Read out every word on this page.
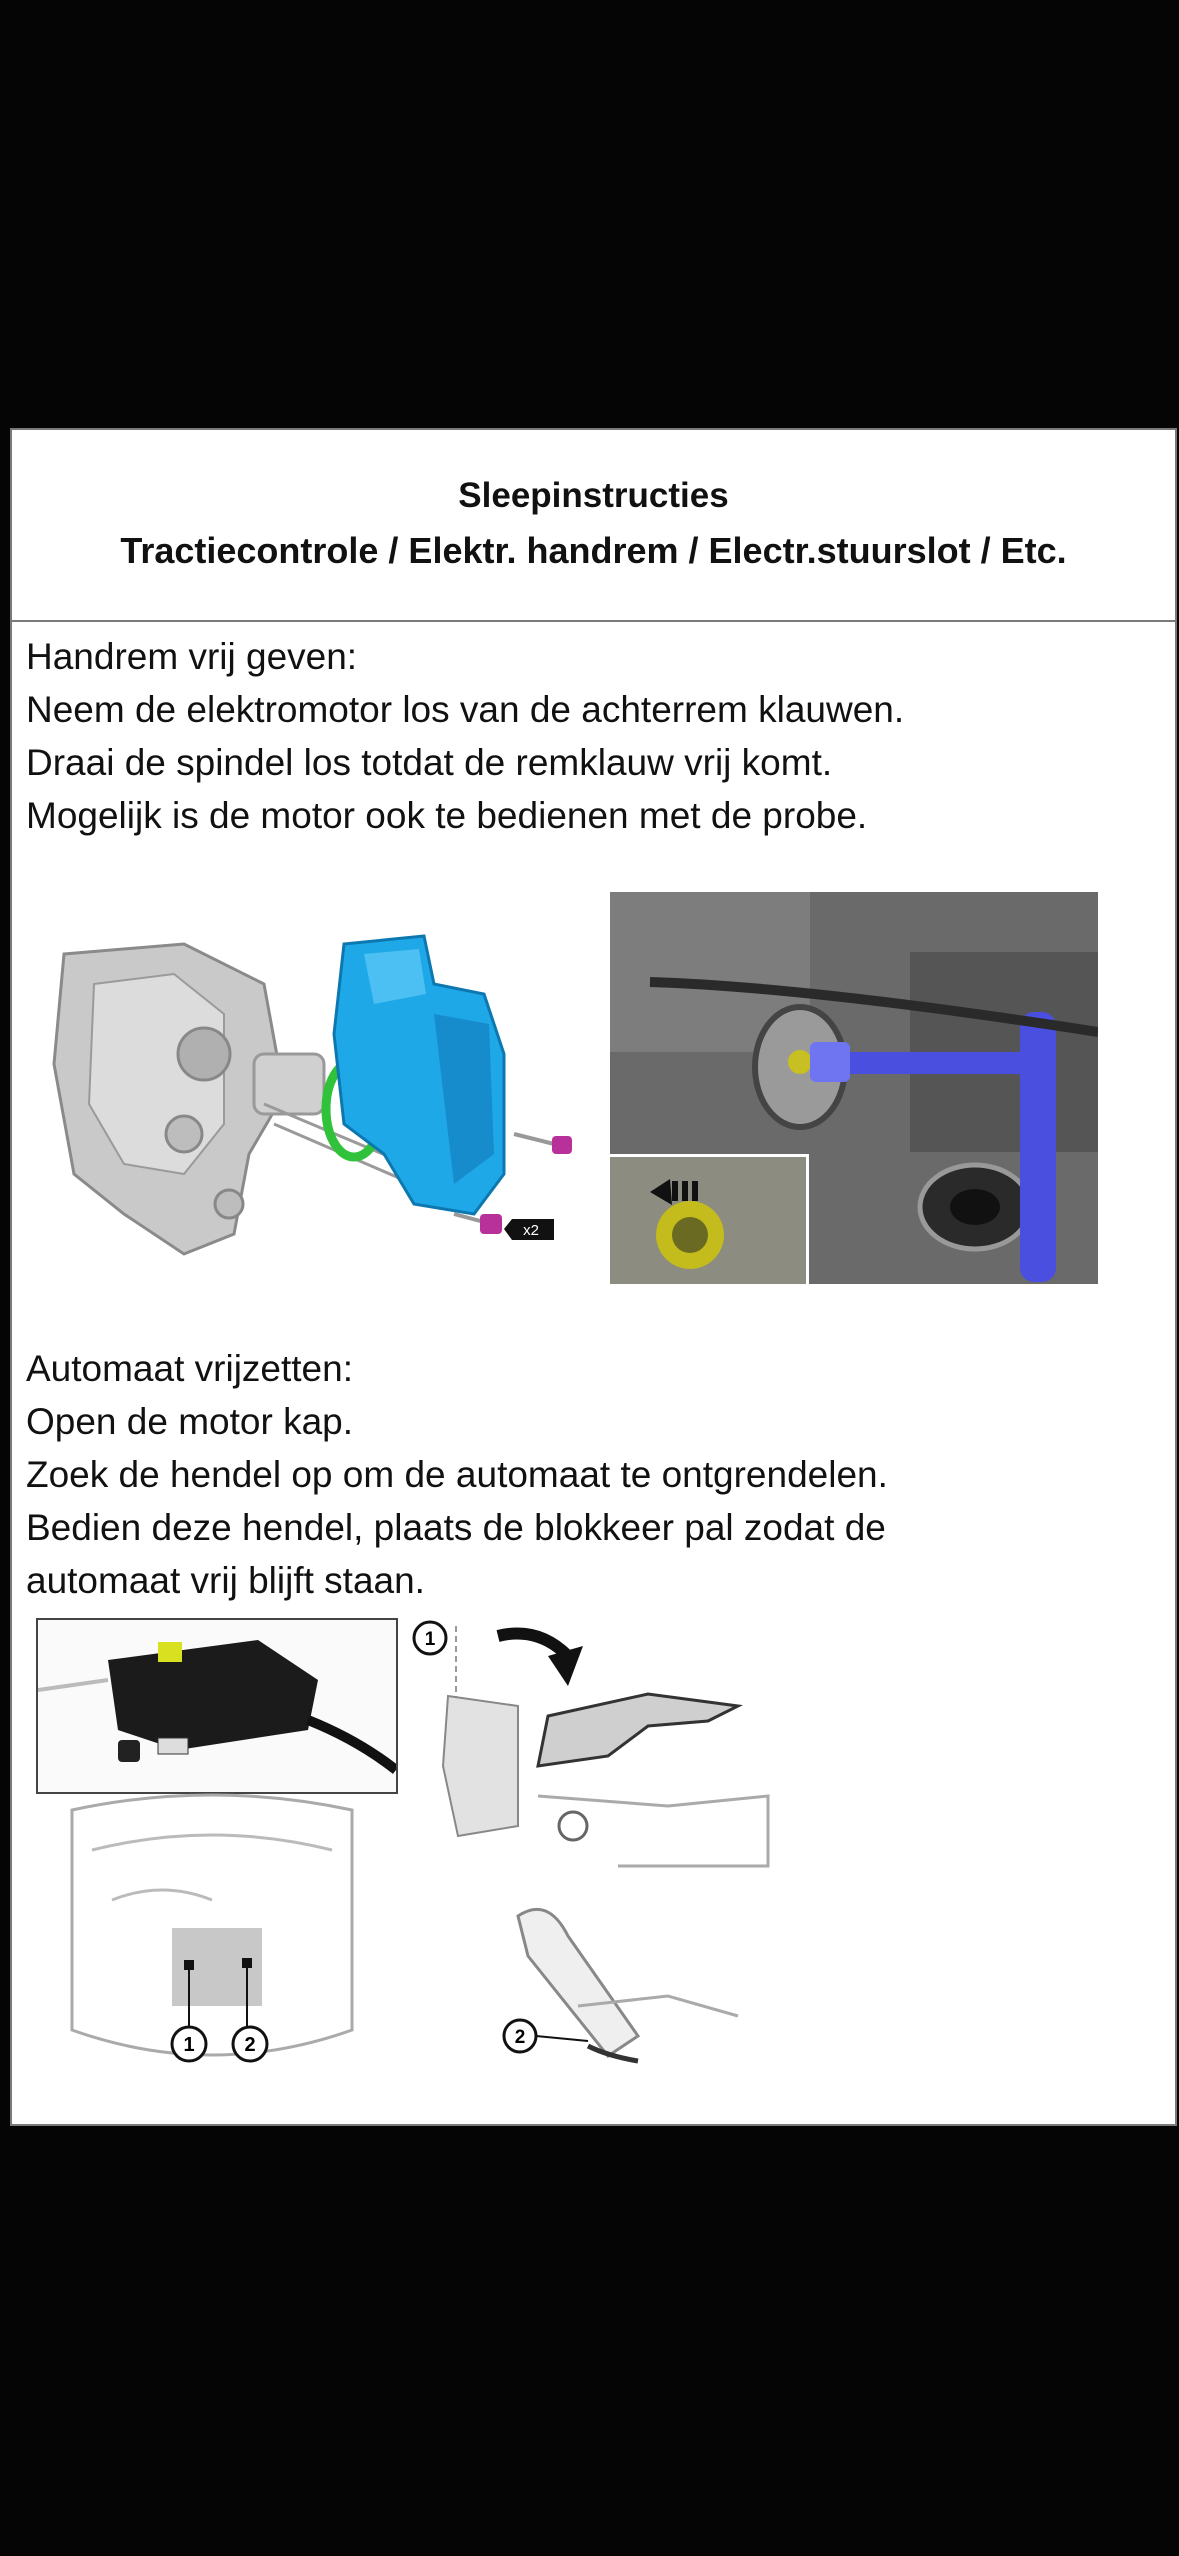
Sleepinstructies
Tractiecontrole / Elektr. handrem / Electr.stuurslot / Etc.
Handrem vrij geven:
Neem de elektromotor los van de achterrem klauwen.
Draai de spindel los totdat de remklauw vrij komt.
Mogelijk is de motor ook te bedienen met de probe.
x2
Automaat vrijzetten:
Open de motor kap.
Zoek de hendel op om de automaat te ontgrendelen.
Bedien deze hendel, plaats de blokkeer pal zodat de
automaat vrij blijft staan.
1 2
1
2
